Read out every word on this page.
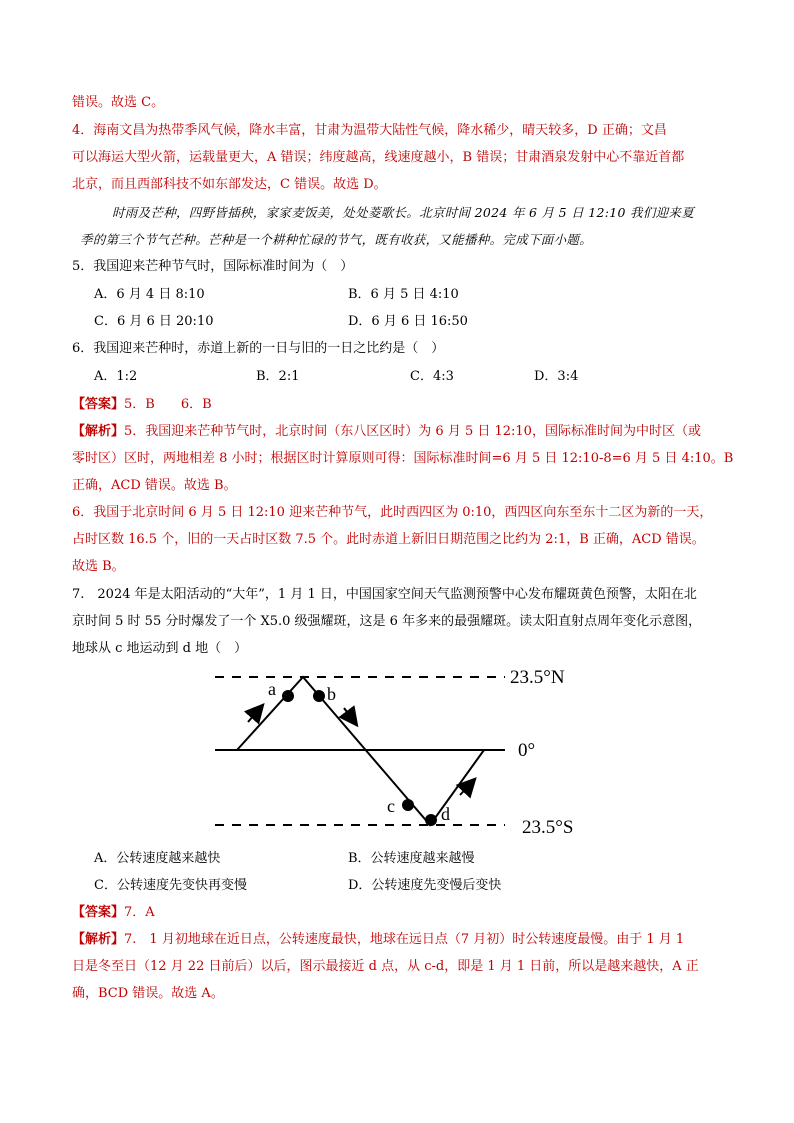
错误。故选 C。
4．海南文昌为热带季风气候，降水丰富，甘肃为温带大陆性气候，降水稀少，晴天较多，D 正确；文昌
可以海运大型火箭，运载量更大，A 错误；纬度越高，线速度越小，B 错误；甘肃酒泉发射中心不靠近首都
北京，而且西部科技不如东部发达，C 错误。故选 D。
时雨及芒种，四野皆插秧，家家麦饭美，处处菱歌长。北京时间 2024 年 6 月 5 日 12:10 我们迎来夏
季的第三个节气芒种。芒种是一个耕种忙碌的节气，既有收获，又能播种。完成下面小题。
5．我国迎来芒种节气时，国际标准时间为（　）
A．6 月 4 日 8:10	B．6 月 5 日 4:10
C．6 月 6 日 20:10	D．6 月 6 日 16:50
6．我国迎来芒种时，赤道上新的一日与旧的一日之比约是（　）
A．1:2	B．2:1	C．4:3	D．3:4
【答案】5．B　　6．B
【解析】5．我国迎来芒种节气时，北京时间（东八区区时）为 6 月 5 日 12:10，国际标准时间为中时区（或
零时区）区时，两地相差 8 小时；根据区时计算原则可得：国际标准时间=6 月 5 日 12:10-8=6 月 5 日 4:10。B
正确，ACD 错误。故选 B。
6．我国于北京时间 6 月 5 日 12:10 迎来芒种节气，此时西四区为 0:10，西四区向东至东十二区为新的一天，
占时区数 16.5 个，旧的一天占时区数 7.5 个。此时赤道上新旧日期范围之比约为 2:1，B 正确，ACD 错误。
故选 B。
7.　2024 年是太阳活动的“大年”，1 月 1 日，中国国家空间天气监测预警中心发布耀斑黄色预警，太阳在北
京时间 5 时 55 分时爆发了一个 X5.0 级强耀斑，这是 6 年多来的最强耀斑。读太阳直射点周年变化示意图，
地球从 c 地运动到 d 地（　）
a	b
c	d
23.5°N
0°
23.5°S
A．公转速度越来越快	B．公转速度越来越慢
C．公转速度先变快再变慢	D．公转速度先变慢后变快
【答案】7．A
【解析】7.　1 月初地球在近日点，公转速度最快，地球在远日点（7 月初）时公转速度最慢。由于 1 月 1
日是冬至日（12 月 22 日前后）以后，图示最接近 d 点，从 c-d，即是 1 月 1 日前，所以是越来越快，A 正
确，BCD 错误。故选 A。
